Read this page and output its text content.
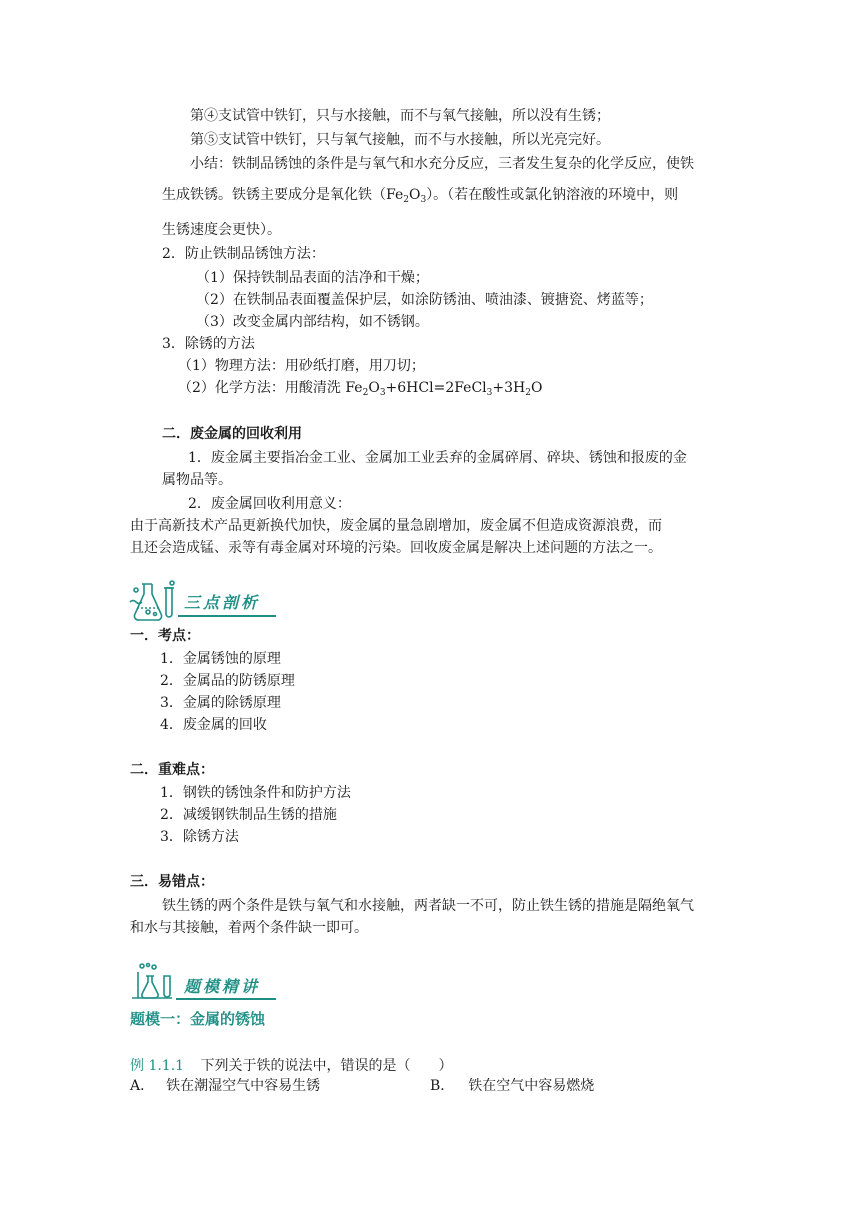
第④支试管中铁钉，只与水接触，而不与氧气接触，所以没有生锈；
第⑤支试管中铁钉，只与氧气接触，而不与水接触，所以光亮完好。
小结：铁制品锈蚀的条件是与氧气和水充分反应，三者发生复杂的化学反应，使铁
生成铁锈。铁锈主要成分是氧化铁$(Fe_2O_3)$。（若在酸性或氯化钠溶液的环境中，则
生锈速度会更快）。
2．防止铁制品锈蚀方法：
（1）保持铁制品表面的洁净和干燥；
（2）在铁制品表面覆盖保护层，如涂防锈油、喷油漆、镀搪瓷、烤蓝等；
（3）改变金属内部结构，如不锈钢。
3．除锈的方法
（1）物理方法：用砂纸打磨，用刀切；
（2）化学方法：用酸清洗 $Fe_2O_3+6HCl=2FeCl_3+3H_2O$
二．废金属的回收利用
1．废金属主要指冶金工业、金属加工业丢弃的金属碎屑、碎块、锈蚀和报废的金
属物品等。
2．废金属回收利用意义：
由于高新技术产品更新换代加快，废金属的量急剧增加，废金属不但造成资源浪费，而
且还会造成锰、汞等有毒金属对环境的污染。回收废金属是解决上述问题的方法之一。
三点剖析
一．考点：
1．金属锈蚀的原理
2．金属品的防锈原理
3．金属的除锈原理
4．废金属的回收
二．重难点：
1．钢铁的锈蚀条件和防护方法
2．减缓钢铁制品生锈的措施
3．除锈方法
三．易错点：
铁生锈的两个条件是铁与氧气和水接触，两者缺一不可，防止铁生锈的措施是隔绝氧气
和水与其接触，着两个条件缺一即可。
题模精讲
题模一：金属的锈蚀
例 1.1.1 下列关于铁的说法中，错误的是（　　）
A． 铁在潮湿空气中容易生锈	B． 铁在空气中容易燃烧
